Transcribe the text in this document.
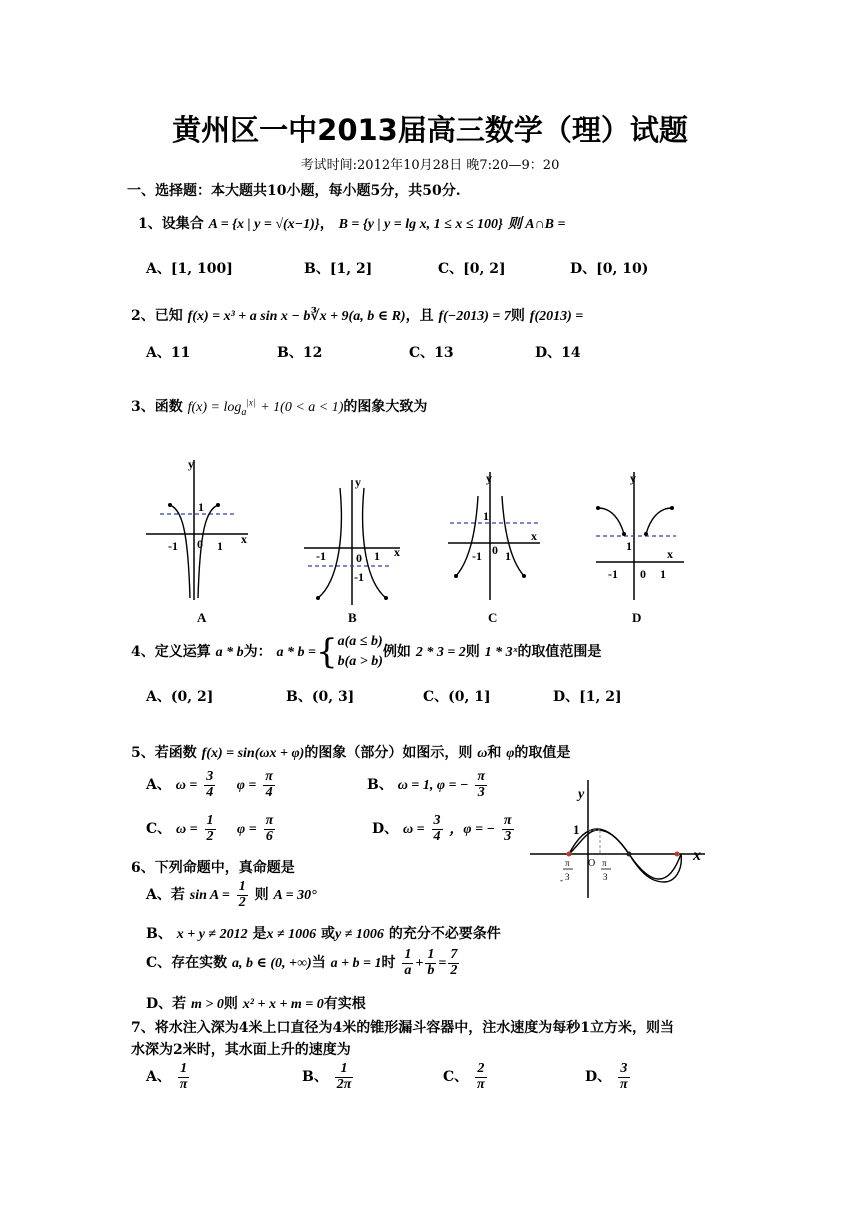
黄州区一中2013届高三数学（理）试题
考试时间:2012年10月28日 晚7:20—9：20
一、选择题：本大题共10小题，每小题5分，共50分.
1、设集合 A = {x | y = √(x−1)}， B = {y | y = lg x, 1 ≤ x ≤ 100} 则 A∩B =
A、[1, 100]	B、[1, 2]	C、[0, 2]	D、[0, 10)
2、已知 f(x) = x³ + a sin x − b∛x + 9(a, b ∈ R)，且 f(−2013) = 7则 f(2013) =
A、11	B、12	C、13	D、14
3、函数 $f(x) = \log_a^{|x|} + 1(0 < a < 1)$的图象大致为
y
x
1
0
-1	1
A
y
x
-1	1
0
-1
B
y
x
1
0
-1 1
C
y
x
1
-1 0 1
D
4、定义运算 a * b为： a * b ={ a(a ≤ b)
b(a > b)
例如 2 * 3 = 2则 1 * 3ˣ的取值范围是
A、(0, 2]	B、(0, 3]	C、(0, 1]	D、[1, 2]
5、若函数 f(x) = sin(ωx + φ)的图象（部分）如图示，则 ω和 φ的取值是
A、 $\omega = \frac{3}{4}$ $\varphi = \frac{\pi}{4}$	B、 ω = 1, φ = − $\frac{\pi}{3}$
C、 $\omega = \frac{1}{2}$ $\varphi = \frac{\pi}{6}$	D、 $\omega = \frac{3}{4}$ ，φ = − $\frac{\pi}{3}$
y
x
1
O
π
- 3
π
3
6、下列命题中，真命题是
A、若 $\sin A = \frac{1}{2}$ 则 A = 30°
B、 x + y ≠ 2012 是x ≠ 1006 或y ≠ 1006 的充分不必要条件
C、存在实数 a, b ∈ (0, +∞)当 a + b = 1时 $\frac{1}{a} + \frac{1}{b} = \frac{7}{2}$
D、若 m > 0则 x² + x + m = 0有实根
7、将水注入深为4米上口直径为4米的锥形漏斗容器中，注水速度为每秒1立方米，则当
水深为2米时，其水面上升的速度为
A、 $\frac{1}{\pi}$	B、 $\frac{1}{2\pi}$	C、 $\frac{2}{\pi}$	D、 $\frac{3}{\pi}$
